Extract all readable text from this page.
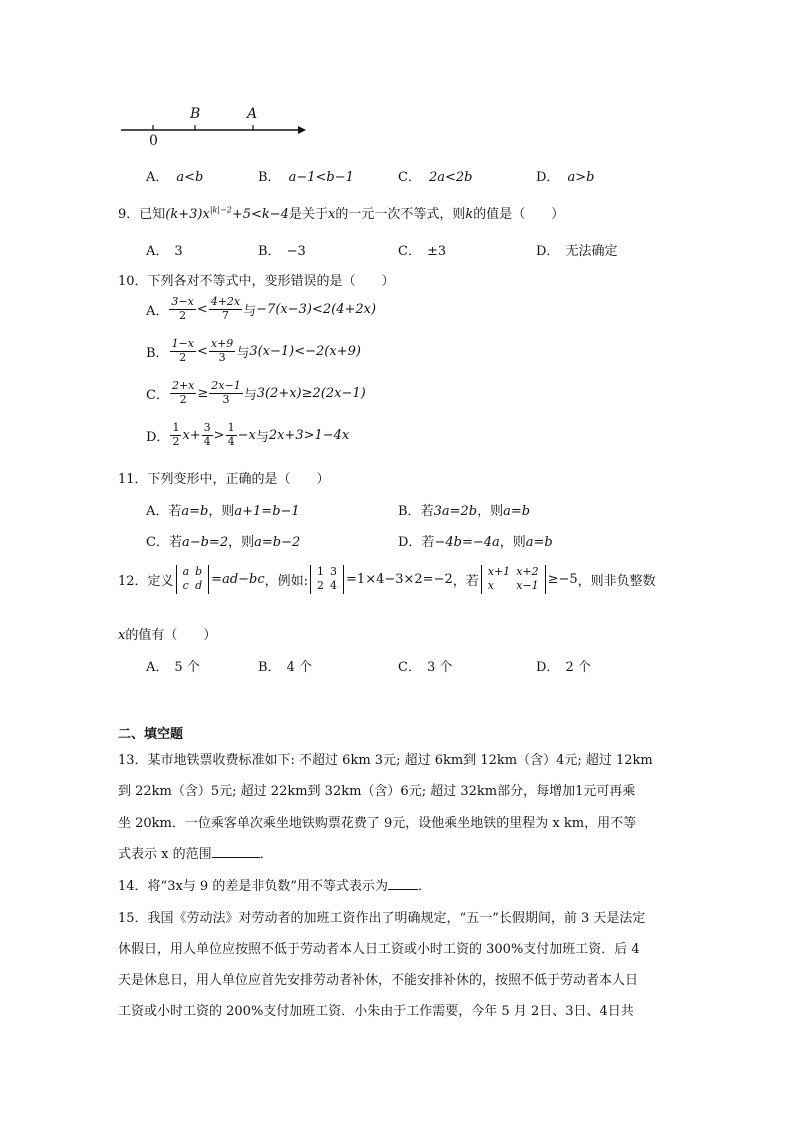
0
B	A
A． a<b	B． a−1<b−1	C． 2a<2b	D． a>b
9．已知$(k+3)x^{|k|-2}+5<k-4$是关于x的一元一次不等式，则k的值是（　　）
A． 3	B． −3	C． ±3	D． 无法确定
10．下列各对不等式中，变形错误的是（　　）
A． $\frac{3-x}{2} < \frac{4+2x}{7}$ 与 −7(x−3)<2(4+2x)
B． $\frac{1-x}{2} < \frac{x+9}{3}$ 与 3(x−1)<−2(x+9)
C． $\frac{2+x}{2} \ge \frac{2x-1}{3}$ 与 3(2+x)≥2(2x−1)
D． $\frac{1}{2} x+ \frac{3}{4} > \frac{1}{4} -x$ 与 2x+3>1−4x
11．下列变形中，正确的是（　　）
A．若a=b，则a+1=b−1	B．若3a=2b，则a=b
C．若a−b=2，则a=b−2	D．若−4b=−4a，则a=b
12． 定义
a
c
b
d =ad−bc ，例如:
1
2
3
4 =1×4−3×2=−2 ，若
x+1
x
x+2
x−1 ≥−5 ，则非负整数
x的值有（　　）
A． 5 个	B． 4 个	C． 3 个	D． 2 个
二、填空题
13．某市地铁票收费标准如下: 不超过 6km 3元; 超过 6km到 12km（含）4元; 超过 12km
到 22km（含）5元; 超过 22km到 32km（含）6元; 超过 32km部分，每增加1元可再乘
坐 20km．一位乘客单次乘坐地铁购票花费了 9元，设他乘坐地铁的里程为 x km，用不等
式表示 x 的范围	．
14．将“3x与 9 的差是非负数”用不等式表示为 ．
15．我国《劳动法》对劳动者的加班工资作出了明确规定，“五一”长假期间，前 3 天是法定
休假日，用人单位应按照不低于劳动者本人日工资或小时工资的 300%支付加班工资．后 4
天是休息日，用人单位应首先安排劳动者补休，不能安排补休的，按照不低于劳动者本人日
工资或小时工资的 200%支付加班工资．小朱由于工作需要，今年 5 月 2日、3日、4日共
